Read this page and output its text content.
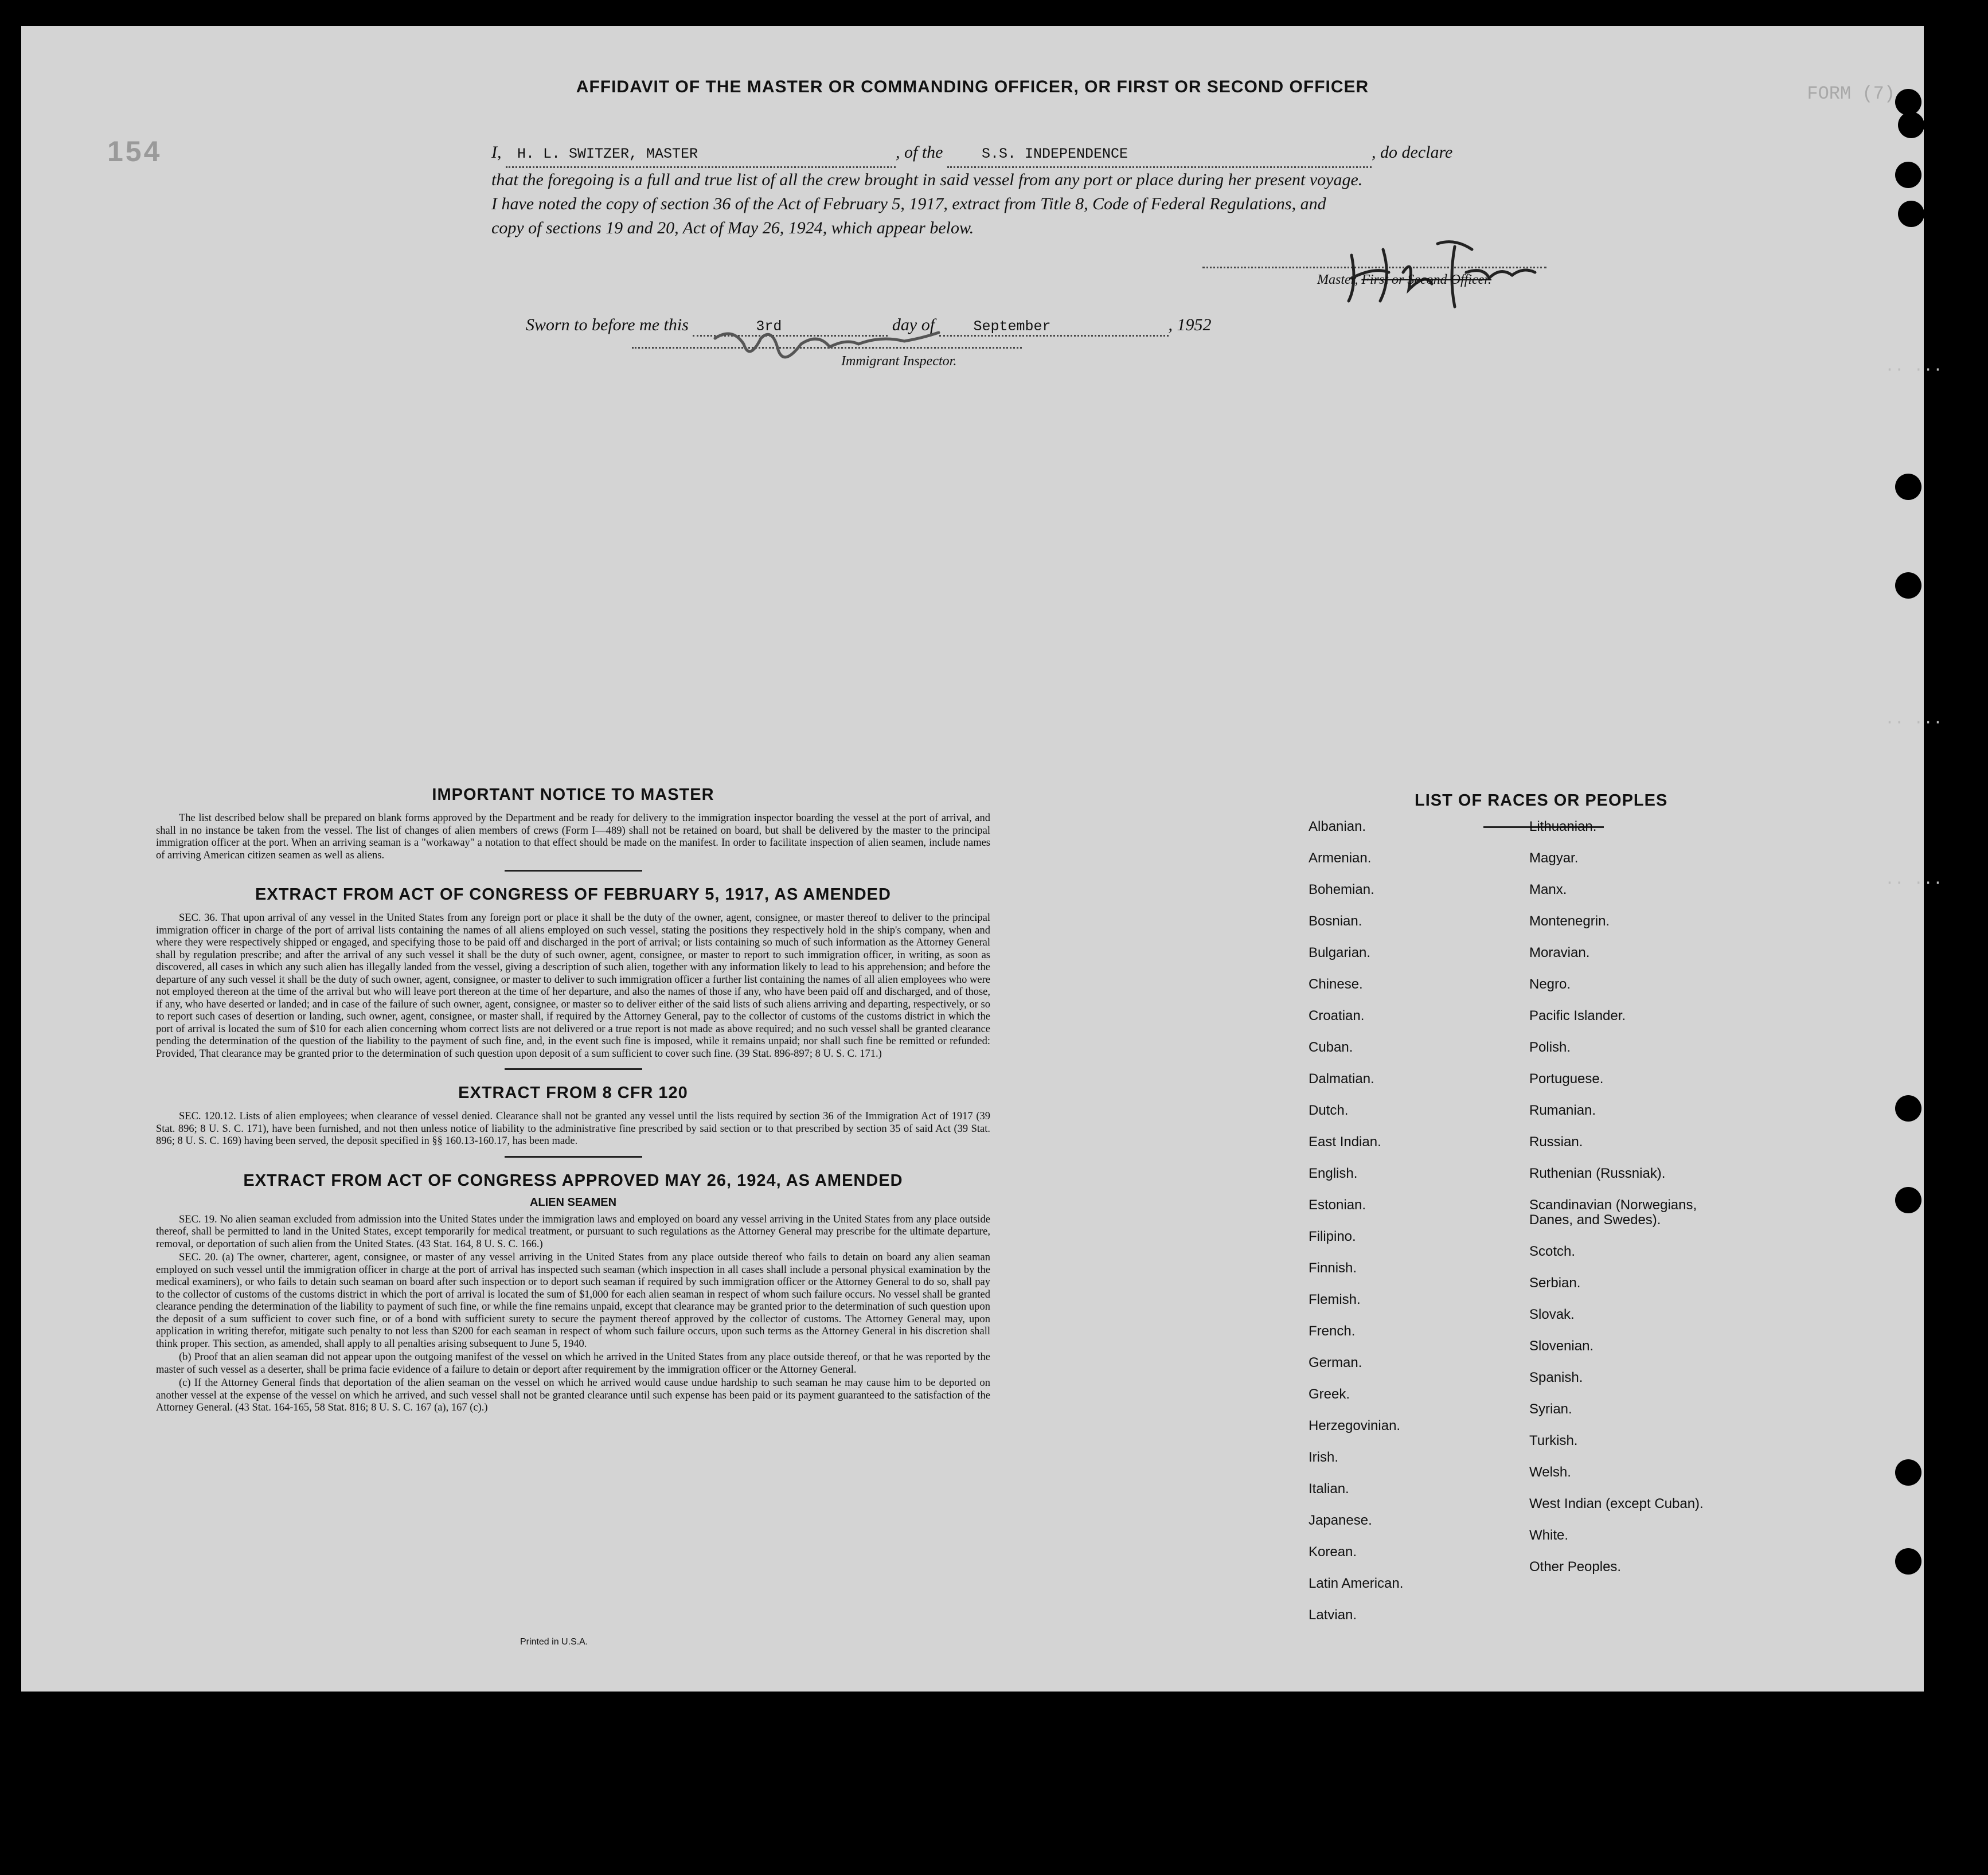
154
FORM (7)
AFFIDAVIT OF THE MASTER OR COMMANDING OFFICER, OR FIRST OR SECOND OFFICER

I, H. L. SWITZER, MASTER	, of the	S.S. INDEPENDENCE	, do declare

that the foregoing is a full and true list of all the crew brought in said vessel from any port or place during her present voyage.

I have noted the copy of section 36 of the Act of February 5, 1917, extract from Title 8, Code of Federal Regulations, and

copy of sections 19 and 20, Act of May 26, 1924, which appear below.

Master, First or Second Officer.
Sworn to before me this	3rd	day of	September	, 1952
Immigrant Inspector.
IMPORTANT NOTICE TO MASTER

The list described below shall be prepared on blank forms approved by the Department and be ready for delivery to the immigration inspector boarding the vessel at the port of arrival, and shall in no instance be taken from the vessel. The list of changes of alien members of crews (Form I—489) shall not be retained on board, but shall be delivered by the master to the principal immigration officer at the port. When an arriving seaman is a "workaway" a notation to that effect should be made on the manifest. In order to facilitate inspection of alien seamen, include names of arriving American citizen seamen as well as aliens.

EXTRACT FROM ACT OF CONGRESS OF FEBRUARY 5, 1917, AS AMENDED

SEC. 36. That upon arrival of any vessel in the United States from any foreign port or place it shall be the duty of the owner, agent, consignee, or master thereof to deliver to the principal immigration officer in charge of the port of arrival lists containing the names of all aliens employed on such vessel, stating the positions they respectively hold in the ship's company, when and where they were respectively shipped or engaged, and specifying those to be paid off and discharged in the port of arrival; or lists containing so much of such information as the Attorney General shall by regulation prescribe; and after the arrival of any such vessel it shall be the duty of such owner, agent, consignee, or master to report to such immigration officer, in writing, as soon as discovered, all cases in which any such alien has illegally landed from the vessel, giving a description of such alien, together with any information likely to lead to his apprehension; and before the departure of any such vessel it shall be the duty of such owner, agent, consignee, or master to deliver to such immigration officer a further list containing the names of all alien employees who were not employed thereon at the time of the arrival but who will leave port thereon at the time of her departure, and also the names of those if any, who have been paid off and discharged, and of those, if any, who have deserted or landed; and in case of the failure of such owner, agent, consignee, or master so to deliver either of the said lists of such aliens arriving and departing, respectively, or so to report such cases of desertion or landing, such owner, agent, consignee, or master shall, if required by the Attorney General, pay to the collector of customs of the customs district in which the port of arrival is located the sum of $10 for each alien concerning whom correct lists are not delivered or a true report is not made as above required; and no such vessel shall be granted clearance pending the determination of the question of the liability to the payment of such fine, and, in the event such fine is imposed, while it remains unpaid; nor shall such fine be remitted or refunded: Provided, That clearance may be granted prior to the determination of such question upon deposit of a sum sufficient to cover such fine. (39 Stat. 896-897; 8 U. S. C. 171.)

EXTRACT FROM 8 CFR 120

SEC. 120.12. Lists of alien employees; when clearance of vessel denied. Clearance shall not be granted any vessel until the lists required by section 36 of the Immigration Act of 1917 (39 Stat. 896; 8 U. S. C. 171), have been furnished, and not then unless notice of liability to the administrative fine prescribed by said section or to that prescribed by section 35 of said Act (39 Stat. 896; 8 U. S. C. 169) having been served, the deposit specified in §§ 160.13-160.17, has been made.

EXTRACT FROM ACT OF CONGRESS APPROVED MAY 26, 1924, AS AMENDED
ALIEN SEAMEN

SEC. 19. No alien seaman excluded from admission into the United States under the immigration laws and employed on board any vessel arriving in the United States from any place outside thereof, shall be permitted to land in the United States, except temporarily for medical treatment, or pursuant to such regulations as the Attorney General may prescribe for the ultimate departure, removal, or deportation of such alien from the United States. (43 Stat. 164, 8 U. S. C. 166.)

SEC. 20. (a) The owner, charterer, agent, consignee, or master of any vessel arriving in the United States from any place outside thereof who fails to detain on board any alien seaman employed on such vessel until the immigration officer in charge at the port of arrival has inspected such seaman (which inspection in all cases shall include a personal physical examination by the medical examiners), or who fails to detain such seaman on board after such inspection or to deport such seaman if required by such immigration officer or the Attorney General to do so, shall pay to the collector of customs of the customs district in which the port of arrival is located the sum of $1,000 for each alien seaman in respect of whom such failure occurs. No vessel shall be granted clearance pending the determination of the liability to payment of such fine, or while the fine remains unpaid, except that clearance may be granted prior to the determination of such question upon the deposit of a sum sufficient to cover such fine, or of a bond with sufficient surety to secure the payment thereof approved by the collector of customs. The Attorney General may, upon application in writing therefor, mitigate such penalty to not less than $200 for each seaman in respect of whom such failure occurs, upon such terms as the Attorney General in his discretion shall think proper. This section, as amended, shall apply to all penalties arising subsequent to June 5, 1940.

(b) Proof that an alien seaman did not appear upon the outgoing manifest of the vessel on which he arrived in the United States from any place outside thereof, or that he was reported by the master of such vessel as a deserter, shall be prima facie evidence of a failure to detain or deport after requirement by the immigration officer or the Attorney General.

(c) If the Attorney General finds that deportation of the alien seaman on the vessel on which he arrived would cause undue hardship to such seaman he may cause him to be deported on another vessel at the expense of the vessel on which he arrived, and such vessel shall not be granted clearance until such expense has been paid or its payment guaranteed to the satisfaction of the Attorney General. (43 Stat. 164-165, 58 Stat. 816; 8 U. S. C. 167 (a), 167 (c).)

Printed in U.S.A.
LIST OF RACES OR PEOPLES
Albanian.
Armenian.
Bohemian.
Bosnian.
Bulgarian.
Chinese.
Croatian.
Cuban.
Dalmatian.
Dutch.
East Indian.
English.
Estonian.
Filipino.
Finnish.
Flemish.
French.
German.
Greek.
Herzegovinian.
Irish.
Italian.
Japanese.
Korean.
Latin American.
Latvian.
Lithuanian.
Magyar.
Manx.
Montenegrin.
Moravian.
Negro.
Pacific Islander.
Polish.
Portuguese.
Rumanian.
Russian.
Ruthenian (Russniak).
Scandinavian (Norwegians,
Danes, and Swedes).
Scotch.
Serbian.
Slovak.
Slovenian.
Spanish.
Syrian.
Turkish.
Welsh.
West Indian (except Cuban).
White.
Other Peoples.
·· ···
·· ···
·· ···
